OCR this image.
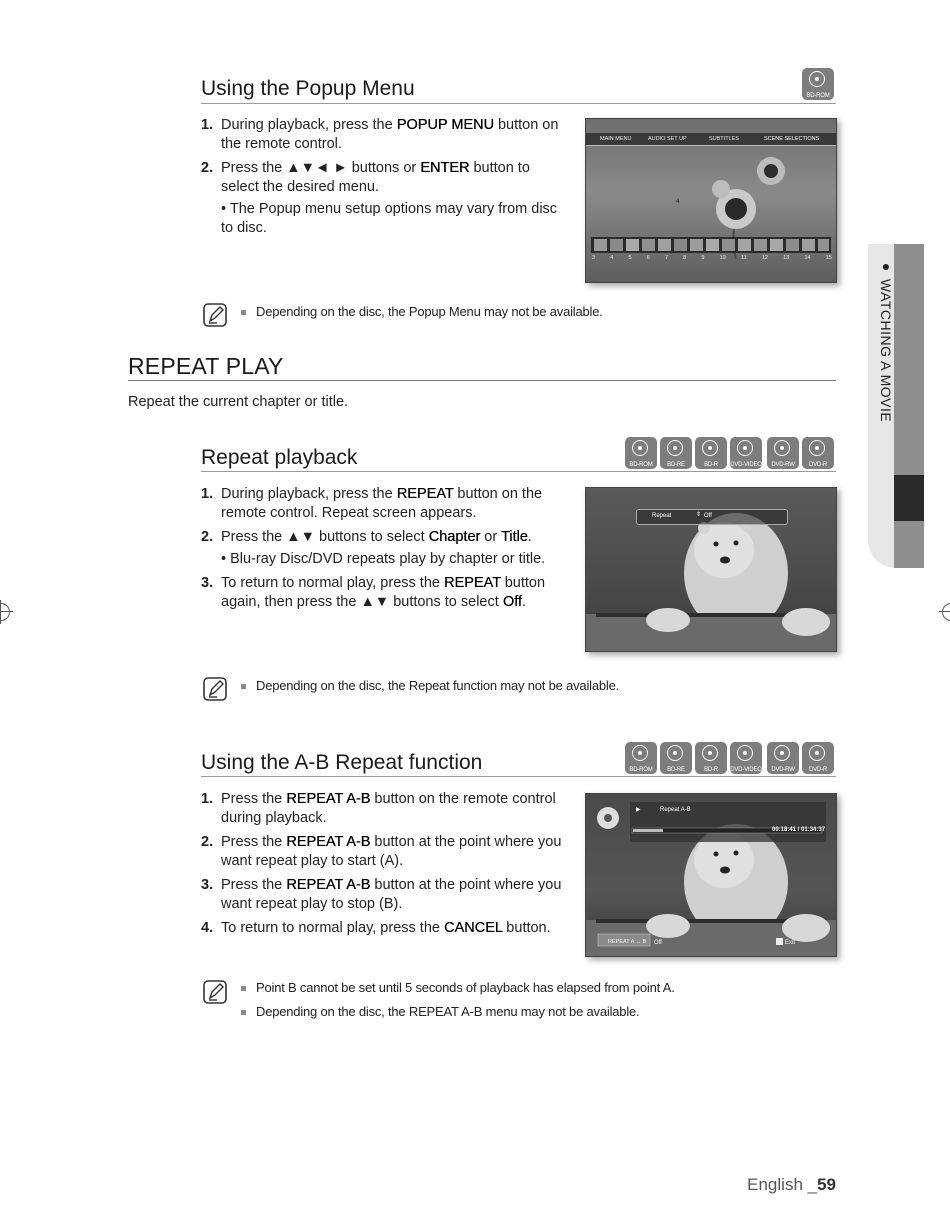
● WATCHING A MOVIE
Using the Popup Menu	BD-ROM
1. During playback, press the POPUP MENU button on the remote control.
2. Press the ▲▼◄ ► buttons or ENTER button to select the desired menu.
• The Popup menu setup options may vary from disc to disc.
MAIN MENU	AUDIO SET UP	SUBTITLES	SCENE SELECTIONS
4
3	4	5	6	7	8	9	10	11	12	13	14	15
Depending on the disc, the Popup Menu may not be available.
REPEAT PLAY
Repeat the current chapter or title.
Repeat playback	BD-ROM	BD-RE	BD-R	DVD-VIDEO	DVD-RW	DVD-R
1. During playback, press the REPEAT button on the remote control. Repeat screen appears.
2. Press the ▲▼ buttons to select Chapter or Title.
• Blu-ray Disc/DVD repeats play by chapter or title.
3. To return to normal play, press the REPEAT button again, then press the ▲▼ buttons to select Off.
Repeat	⇕ Off
Depending on the disc, the Repeat function may not be available.
Using the A-B Repeat function	BD-ROM	BD-RE	BD-R	DVD-VIDEO	DVD-RW	DVD-R
1. Press the REPEAT A-B button on the remote control during playback.
2. Press the REPEAT A-B button at the point where you want repeat play to start (A).
3. Press the REPEAT A-B button at the point where you want repeat play to stop (B).
4. To return to normal play, press the CANCEL button.
▶	Repeat A-B
00:18:41 / 01:34:37
REPEAT A ↔ B Off	Exit
Point B cannot be set until 5 seconds of playback has elapsed from point A.
Depending on the disc, the REPEAT A-B menu may not be available.
English _59
